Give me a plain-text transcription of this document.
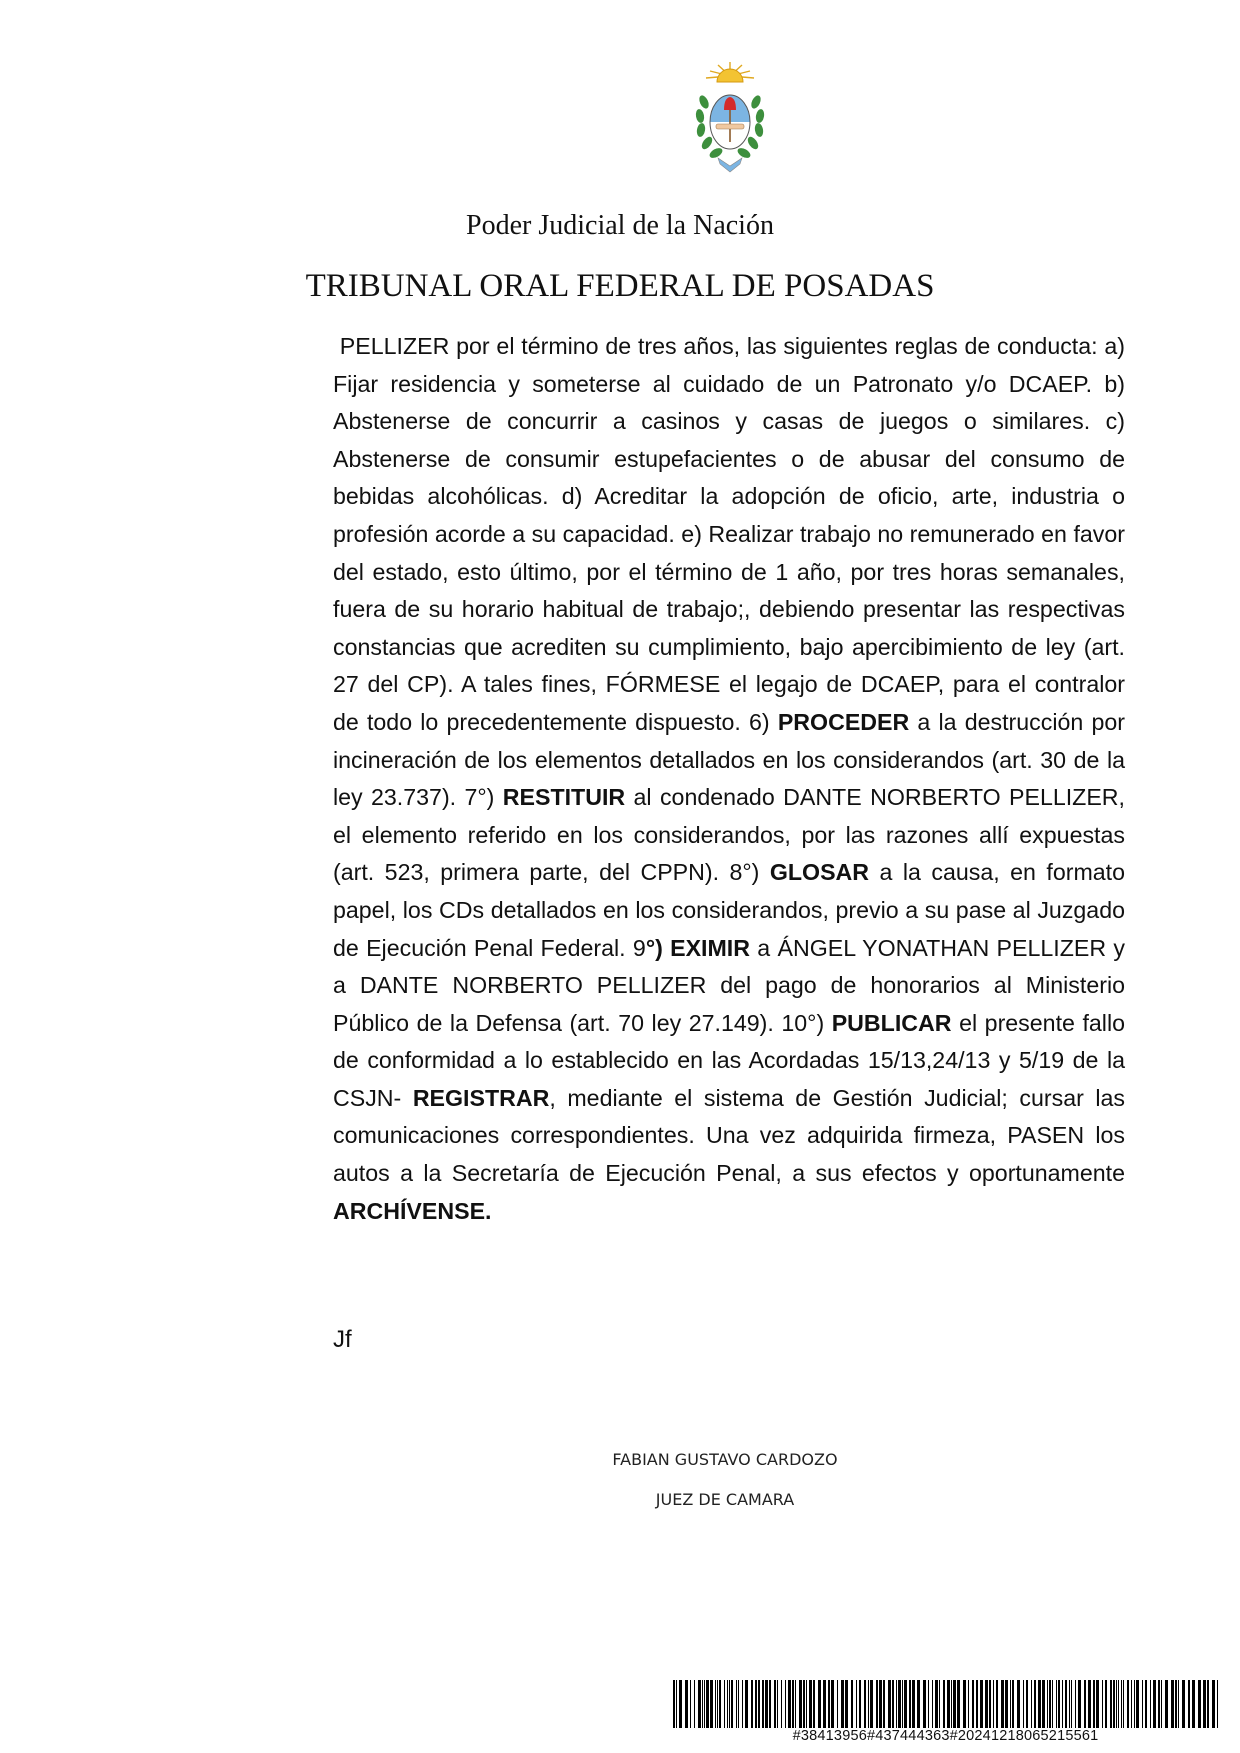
Poder Judicial de la Nación

TRIBUNAL ORAL FEDERAL DE POSADAS

PELLIZER por el término de tres años, las siguientes reglas de conducta: a) Fijar residencia y someterse al cuidado de un Patronato y/o DCAEP. b) Abstenerse de concurrir a casinos y casas de juegos o similares. c) Abstenerse de consumir estupefacientes o de abusar del consumo de bebidas alcohólicas. d) Acreditar la adopción de oficio, arte, industria o profesión acorde a su capacidad. e) Realizar trabajo no remunerado en favor del estado, esto último, por el término de 1 año, por tres horas semanales, fuera de su horario habitual de trabajo;, debiendo presentar las respectivas constancias que acrediten su cumplimiento, bajo apercibimiento de ley (art. 27 del CP). A tales fines, FÓRMESE el legajo de DCAEP, para el contralor de todo lo precedentemente dispuesto. 6) PROCEDER a la destrucción por incineración de los elementos detallados en los considerandos (art. 30 de la ley 23.737). 7°) RESTITUIR al condenado DANTE NORBERTO PELLIZER, el elemento referido en los considerandos, por las razones allí expuestas (art. 523, primera parte, del CPPN). 8°) GLOSAR a la causa, en formato papel, los CDs detallados en los considerandos, previo a su pase al Juzgado de Ejecución Penal Federal. 9°) EXIMIR a ÁNGEL YONATHAN PELLIZER y a DANTE NORBERTO PELLIZER del pago de honorarios al Ministerio Público de la Defensa (art. 70 ley 27.149). 10°) PUBLICAR el presente fallo de conformidad a lo establecido en las Acordadas 15/13,24/13 y 5/19 de la CSJN- REGISTRAR, mediante el sistema de Gestión Judicial; cursar las comunicaciones correspondientes. Una vez adquirida firmeza, PASEN los autos a la Secretaría de Ejecución Penal, a sus efectos y oportunamente ARCHÍVENSE.

Jf
FABIAN GUSTAVO CARDOZO
JUEZ DE CAMARA
#38413956#437444363#20241218065215561
